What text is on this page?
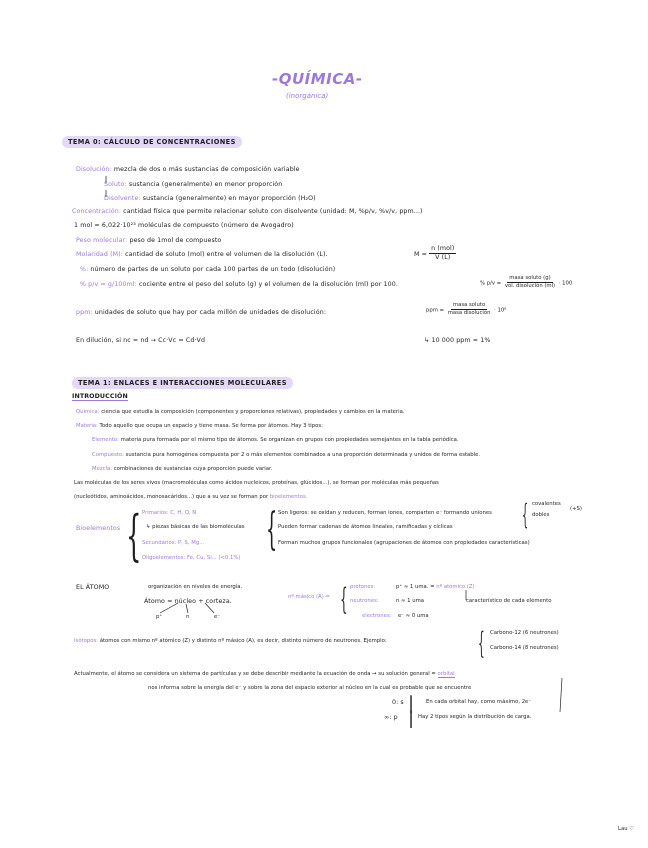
-QUÍMICA-
(inorgánica)
TEMA 0: CÁLCULO DE CONCENTRACIONES
Disolución: mezcla de dos o más sustancias de composición variable
Soluto: sustancia (generalmente) en menor proporción
Disolvente: sustancia (generalmente) en mayor proporción (H₂O)
Concentración: cantidad física que permite relacionar soluto con disolvente (unidad: M, %p/v, %v/v, ppm...)
1 mol = 6,022·10²³ moléculas de compuesto (número de Avogadro)
Peso molecular: peso de 1mol de compuesto
Molaridad (M): cantidad de soluto (mol) entre el volumen de la disolución (L).	$M = \frac{\text{n (mol)}}{V (L)}$
%: número de partes de un soluto por cada 100 partes de un todo (disolución)
% p/v = g/100ml: cociente entre el peso del soluto (g) y el volumen de la disolución (ml) por 100.	% $p/v = \frac{\text{masa soluto (g)}}{\text{vol. disolución (ml)}} \cdot 100$
ppm: unidades de soluto que hay por cada millón de unidades de disolución:	ppm = $\frac{\text{masa soluto}}{\text{masa disolución}} \cdot 10^6$
En dilución, si nc = nd → Cc·Vc = Cd·Vd	↳ 10 000 ppm = 1%
TEMA 1: ENLACES E INTERACCIONES MOLECULARES
INTRODUCCIÓN
Química: ciencia que estudia la composición (componentes y proporciones relativas), propiedades y cambios en la materia.
Materia: Todo aquello que ocupa un espacio y tiene masa. Se forma por átomos. Hay 3 tipos:
Elemento: materia pura formada por el mismo tipo de átomos. Se organizan en grupos con propiedades semejantes en la tabla periódica.
Compuesto: sustancia pura homogénea compuesta por 2 o más elementos combinados a una proporción determinada y unidos de forma estable.
Mezcla: combinaciones de sustancias cuya proporción puede variar.
Las moléculas de los seres vivos (macromoléculas como ácidos nucleicos, proteínas, glúcidos...), se forman por moléculas más pequeñas
(nucleótidos, aminoácidos, monosacáridos...) que a su vez se forman por bioelementos.
Bioelementos { Primarios: C, H, O, N
↳ piezas básicas de las biomoléculas
Secundarios: P, S, Mg...
Oligoelementos: Fe, Cu, Si... (<0.1%)
{ Son ligeros: se oxidan y reducen, forman iones, comparten e⁻ formando uniones
Pueden formar cadenas de átomos lineales, ramificadas y cíclicas
Forman muchos grupos funcionales (agrupaciones de átomos con propiedades características)
{ covalentes
dobles
(+S)
EL ÁTOMO	organización en niveles de energía.
Átomo = núcleo + corteza.
p⁺	n	e⁻
nº másico (A) = { protones:	p⁺ ≈ 1 uma. = nº atómico (Z)
neutrones:	n ≈ 1 uma	característico de cada elemento
electrones: e⁻ ≈ 0 uma
Isótopos: átomos con mismo nº atómico (Z) y distinto nº másico (A), es decir, distinto número de neutrones. Ejemplo:	{ Carbono-12 (6 neutrones)
Carbono-14 (8 neutrones)
Actualmente, el átomo se considera un sistema de partículas y se debe describir mediante la ecuación de onda → su solución general = orbital
nos informa sobre la energía del e⁻ y sobre la zona del espacio exterior al núcleo en la cual es probable que se encuentre
0: s | En cada orbital hay, como máximo, 2e⁻
∞: p | Hay 2 tipos según la distribución de carga.
Lau ♡
